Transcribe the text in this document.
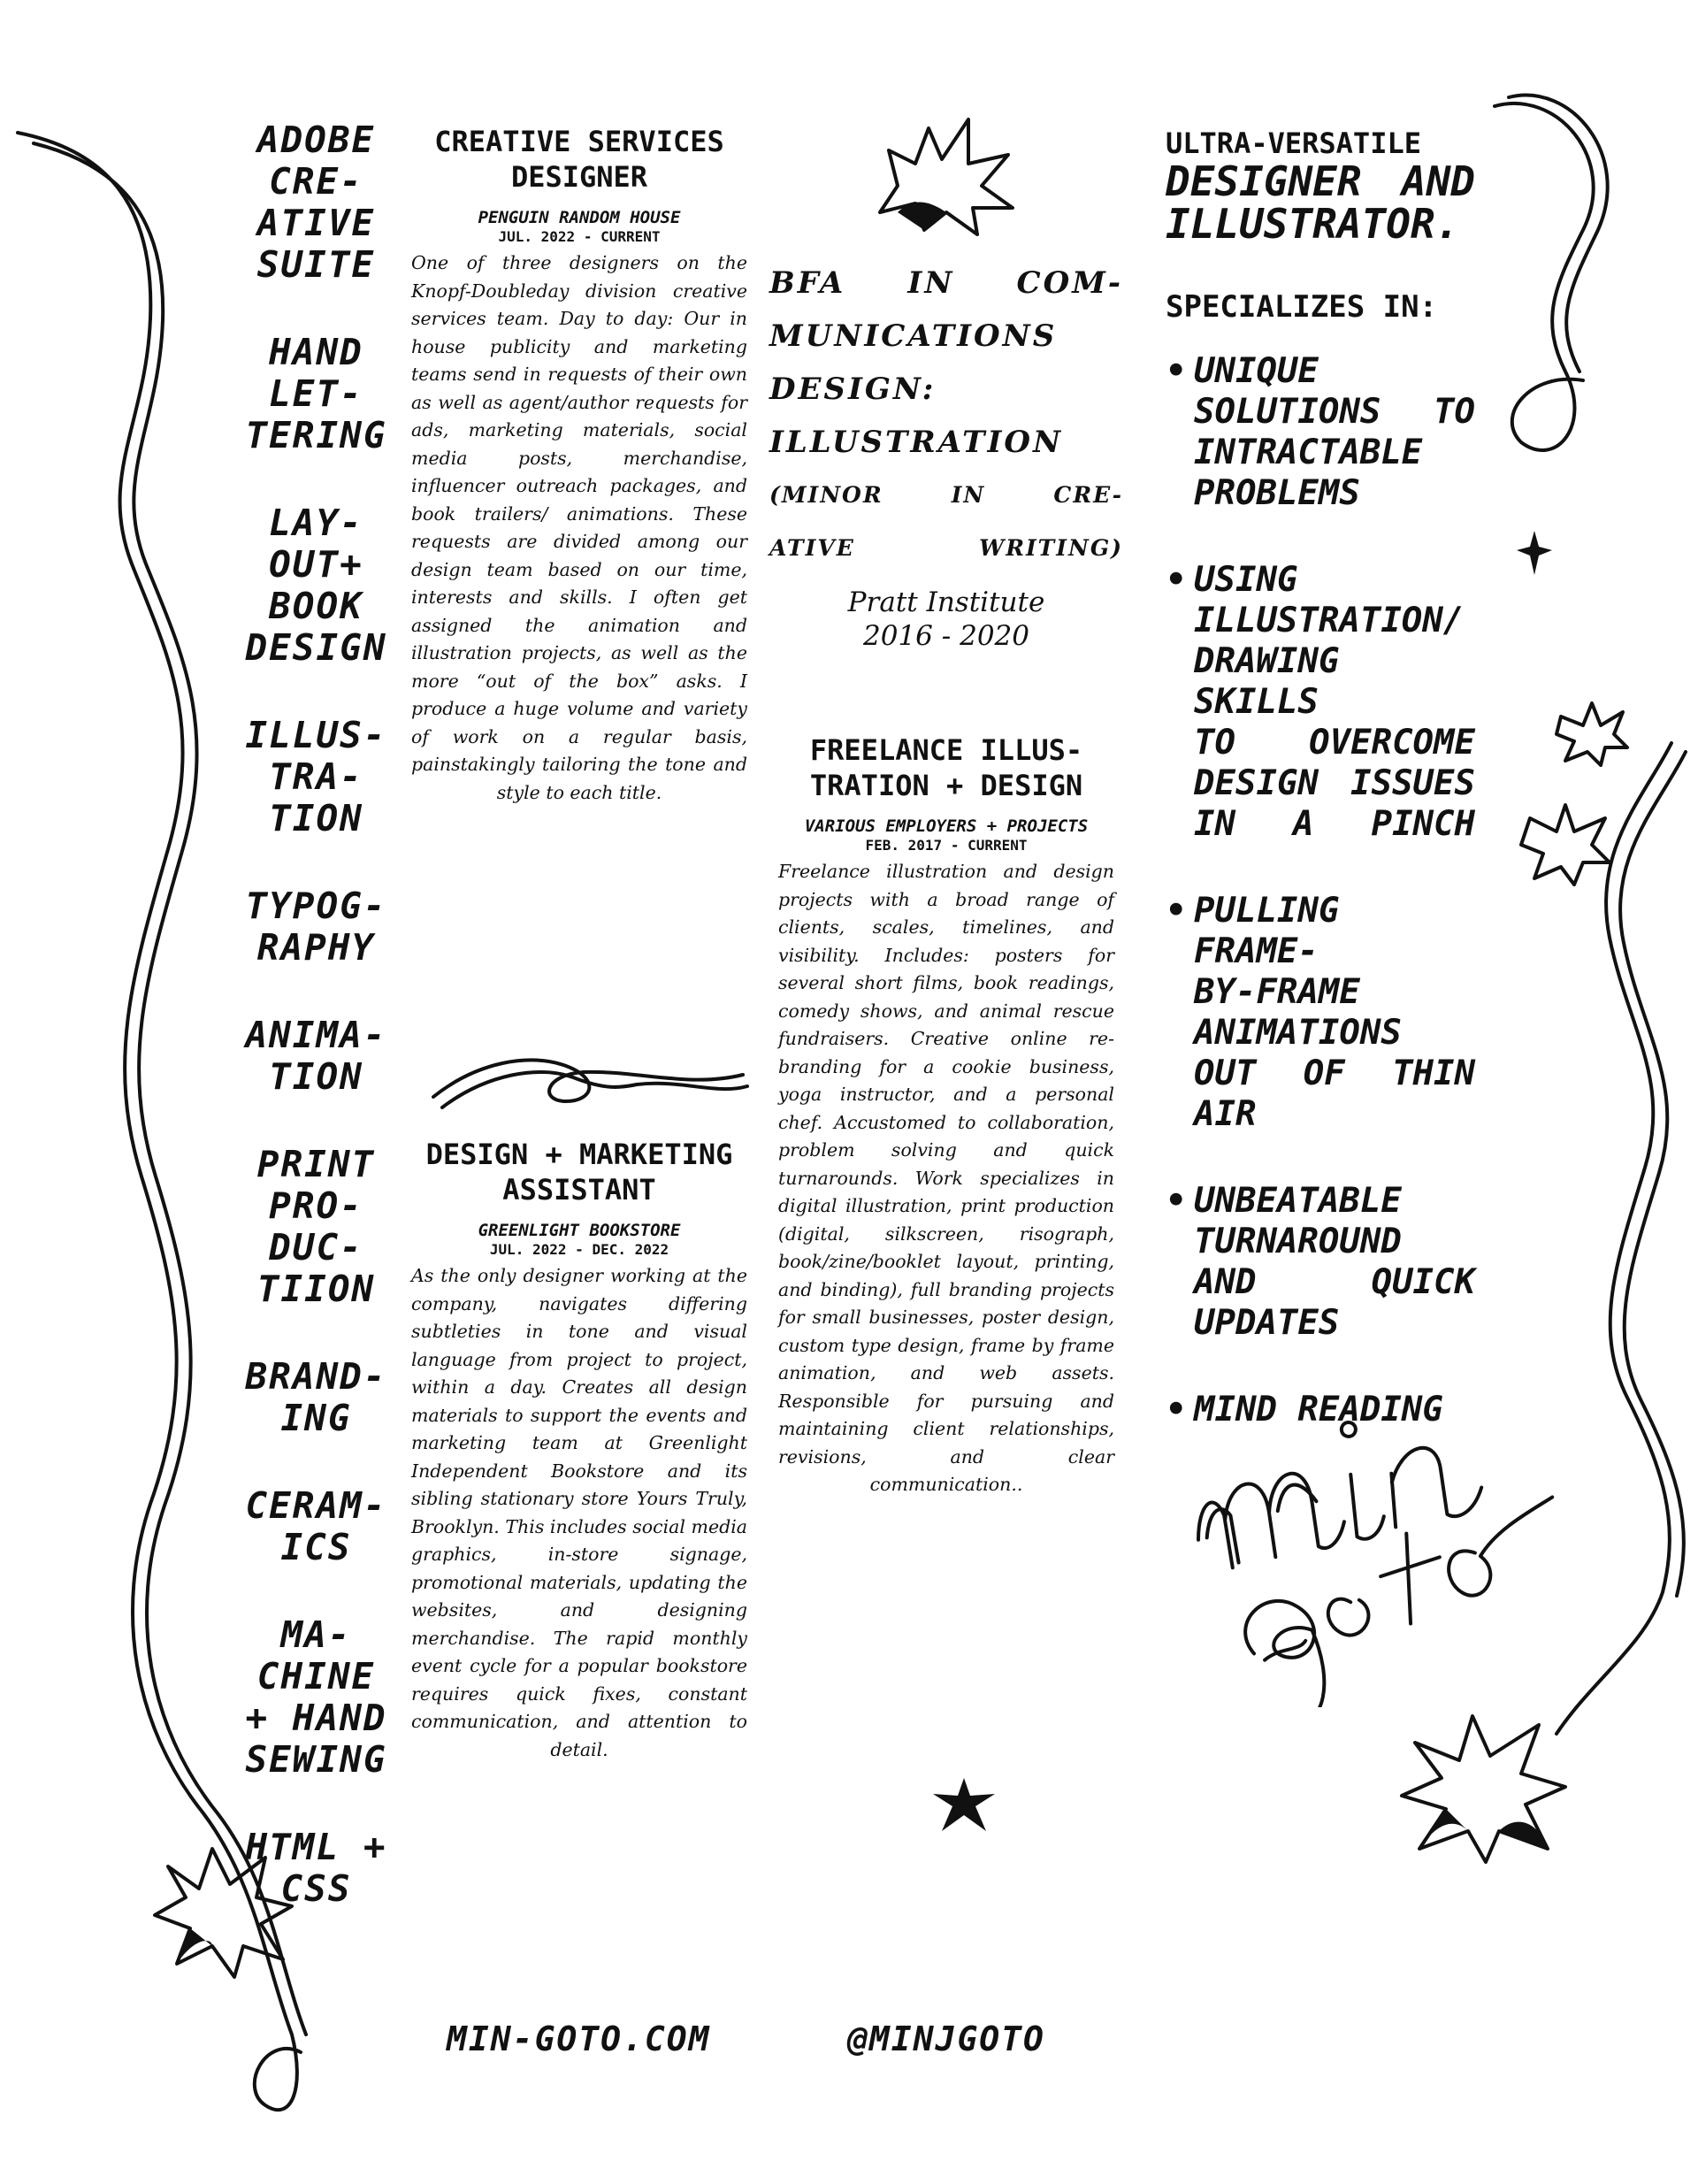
ADOBE
CRE-
ATIVE
SUITE
HAND
LET-
TERING
LAY-
OUT+
BOOK
DESIGN
ILLUS-
TRA-
TION
TYPOG-
RAPHY
ANIMA-
TION
PRINT
PRO-
DUC-
TIION
BRAND-
ING
CERAM-
ICS
MA-
CHINE
+ HAND
SEWING
HTML +
CSS
CREATIVE SERVICES
DESIGNER
PENGUIN RANDOM HOUSE
JUL. 2022 - CURRENT
One of three designers on the Knopf-Doubleday division creative services team. Day to day: Our in house publicity and marketing teams send in requests of their own as well as agent/author requests for ads, marketing materials, social media posts, merchandise, influencer outreach packages, and book trailers/ animations. These requests are divided among our design team based on our time, interests and skills. I often get assigned the animation and illustration projects, as well as the more “out of the box” asks. I produce a huge volume and variety of work on a regular basis, painstakingly tailoring the tone and style to each title.
DESIGN + MARKETING
ASSISTANT
GREENLIGHT BOOKSTORE
JUL. 2022 - DEC. 2022
As the only designer working at the company, navigates differing subtleties in tone and visual language from project to project, within a day. Creates all design materials to support the events and marketing team at Greenlight Independent Bookstore and its sibling stationary store Yours Truly, Brooklyn. This includes social media graphics, in-store signage, promotional materials, updating the websites, and designing merchandise. The rapid monthly event cycle for a popular bookstore requires quick fixes, constant communication, and attention to detail.
BFA IN COM-
MUNICATIONS
DESIGN:
ILLUSTRATION
(MINOR IN CRE-
ATIVE WRITING)
Pratt Institute
2016 - 2020
FREELANCE ILLUS-
TRATION + DESIGN
VARIOUS EMPLOYERS + PROJECTS
FEB. 2017 - CURRENT
Freelance illustration and design projects with a broad range of clients, scales, timelines, and visibility. Includes: posters for several short films, book readings, comedy shows, and animal rescue fundraisers. Creative online re-branding for a cookie business, yoga instructor, and a personal chef. Accustomed to collaboration, problem solving and quick turnarounds. Work specializes in digital illustration, print production (digital, silkscreen, risograph, book/zine/booklet layout, printing, and binding), full branding projects for small businesses, poster design, custom type design, frame by frame animation, and web assets. Responsible for pursuing and maintaining client relationships, revisions, and clear communication..
ULTRA-VERSATILE
DESIGNER AND
ILLUSTRATOR.
SPECIALIZES IN:
• UNIQUE
SOLUTIONS TO
INTRACTABLE
PROBLEMS
• USING
ILLUSTRATION/
DRAWING SKILLS
TO OVERCOME
DESIGN ISSUES
IN A PINCH
• PULLING FRAME-
BY-FRAME
ANIMATIONS
OUT OF THIN
AIR
• UNBEATABLE
TURNAROUND
AND QUICK
UPDATES
• MIND READING
MIN-GOTO.COM	@MINJGOTO
